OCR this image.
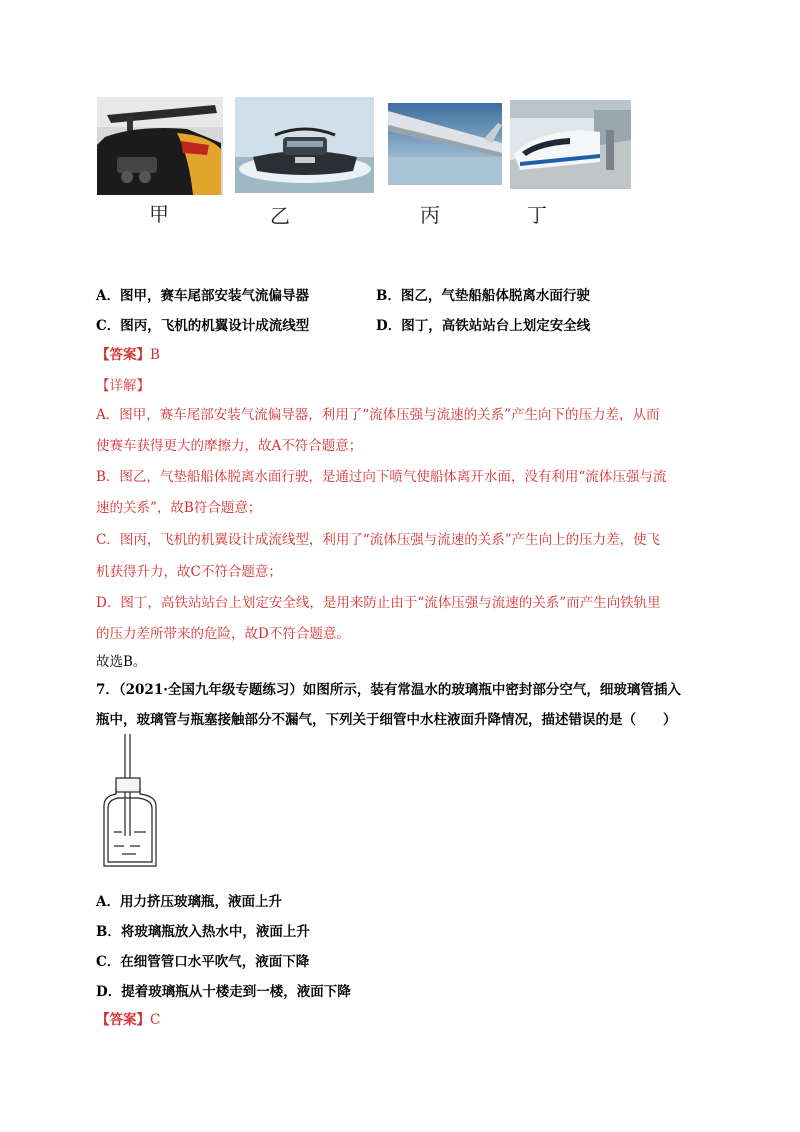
甲	乙	丙	丁
A．图甲，赛车尾部安装气流偏导器	B．图乙，气垫船船体脱离水面行驶
C．图丙，飞机的机翼设计成流线型	D．图丁，高铁站站台上划定安全线
【答案】B
【详解】
A．图甲，赛车尾部安装气流偏导器，利用了“流体压强与流速的关系”产生向下的压力差，从而
使赛车获得更大的摩擦力，故A不符合题意；
B．图乙，气垫船船体脱离水面行驶，是通过向下喷气使船体离开水面，没有利用“流体压强与流
速的关系”，故B符合题意；
C．图丙，飞机的机翼设计成流线型，利用了“流体压强与流速的关系”产生向上的压力差，使飞
机获得升力，故C不符合题意；
D．图丁，高铁站站台上划定安全线，是用来防止由于“流体压强与流速的关系”而产生向铁轨里
的压力差所带来的危险，故D不符合题意。
故选B。
7．（2021·全国九年级专题练习）如图所示，装有常温水的玻璃瓶中密封部分空气，细玻璃管插入
瓶中，玻璃管与瓶塞接触部分不漏气，下列关于细管中水柱液面升降情况，描述错误的是（　　）
A．用力挤压玻璃瓶，液面上升
B．将玻璃瓶放入热水中，液面上升
C．在细管管口水平吹气，液面下降
D．提着玻璃瓶从十楼走到一楼，液面下降
【答案】C
